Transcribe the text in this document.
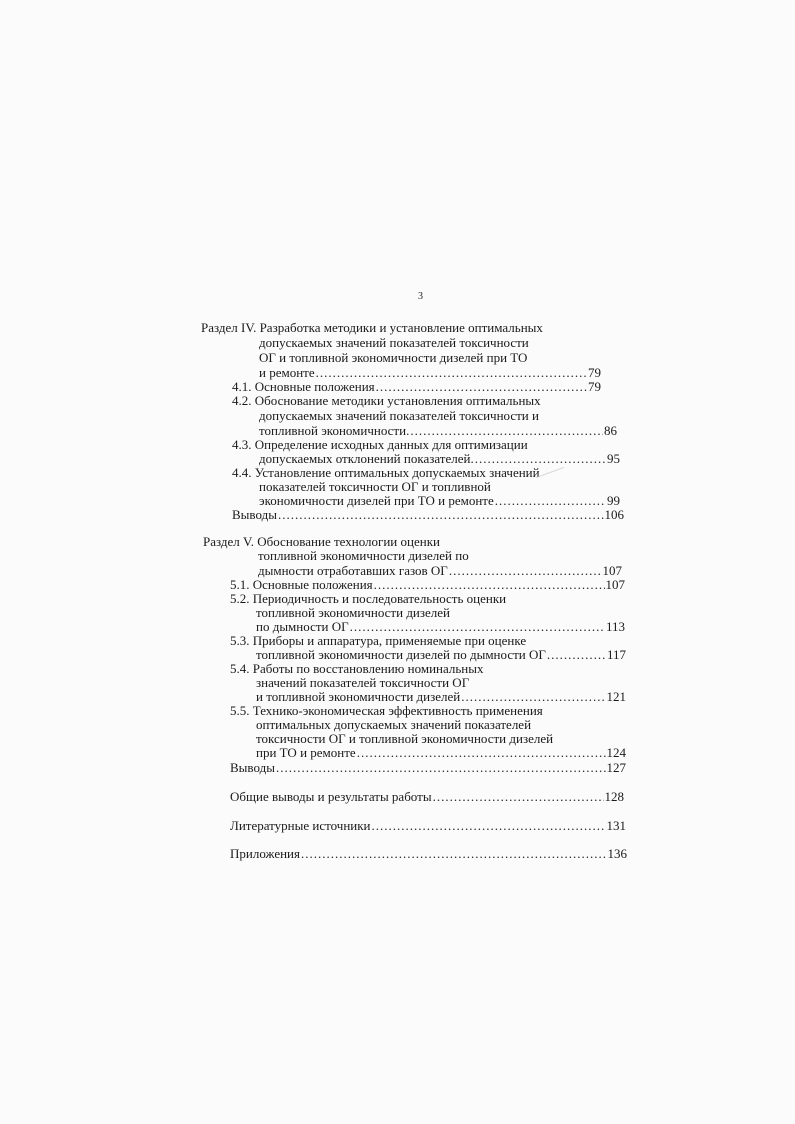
3
Раздел IV. Разработка методики и установление оптимальных
допускаемых значений показателей токсичности
ОГ и топливной экономичности дизелей при ТО
и ремонте .....	79
4.1. Основные положения .....	79
4.2. Обоснование методики установления оптимальных
допускаемых значений показателей токсичности и
топливной экономичности. .....	86
4.3. Определение исходных данных для оптимизации
допускаемых отклонений показателей. .....	95
4.4. Установление оптимальных допускаемых значений
показателей токсичности ОГ и топливной
экономичности дизелей при ТО и ремонте .....	99
Выводы .....	106
Раздел V. Обоснование технологии оценки
топливной экономичности дизелей по
дымности отработавших газов ОГ .....	107
5.1. Основные положения .....	107
5.2. Периодичность и последовательность оценки
топливной экономичности дизелей
по дымности ОГ .....	113
5.3. Приборы и аппаратура, применяемые при оценке
топливной экономичности дизелей по дымности ОГ .....	117
5.4. Работы по восстановлению номинальных
значений показателей токсичности ОГ
и топливной экономичности дизелей .....	121
5.5. Технико-экономическая эффективность применения
оптимальных допускаемых значений показателей
токсичности ОГ и топливной экономичности дизелей
при ТО и ремонте .....	124
Выводы .....	127
Общие выводы и результаты работы .....	128
Литературные источники .....	131
Приложения .....	136
